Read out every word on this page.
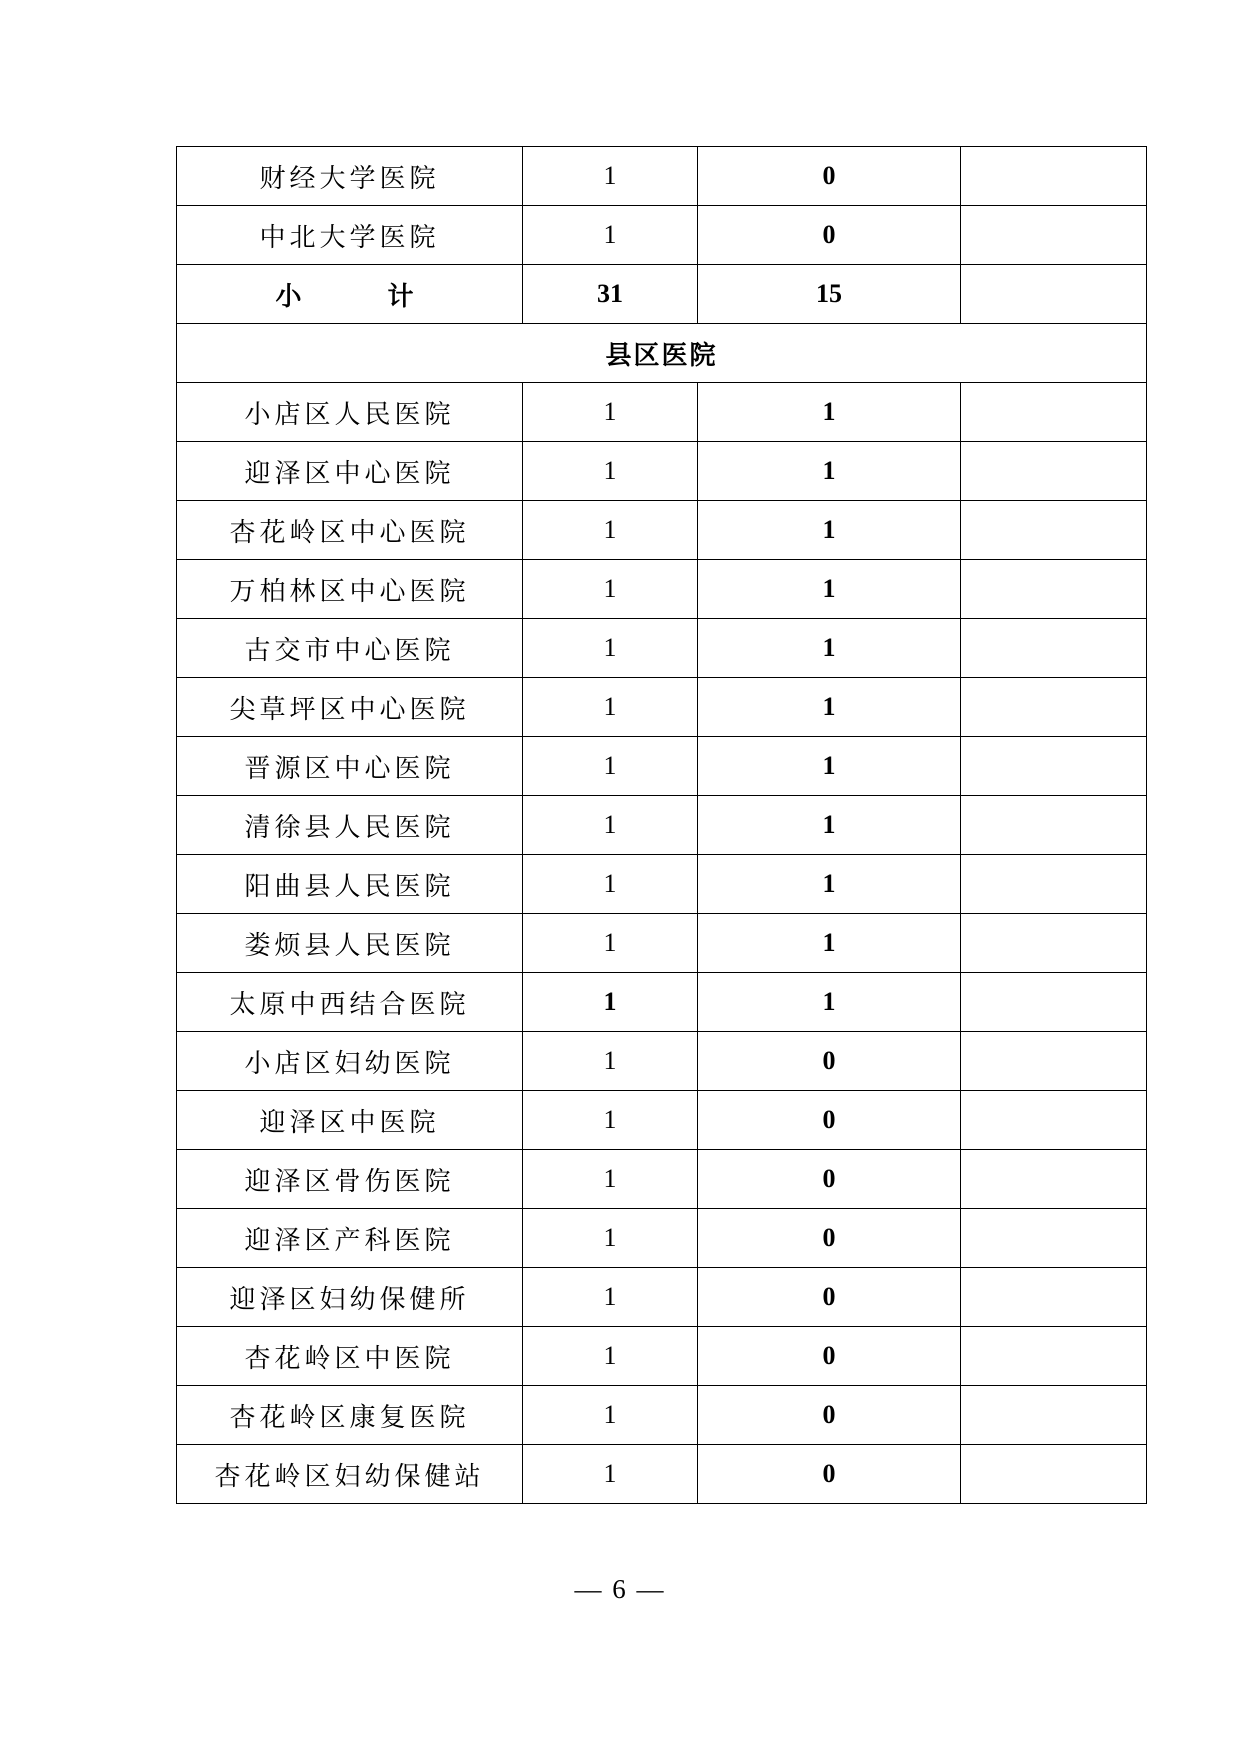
财经大学医院	1	0	
中北大学医院	1	0	
小　计	31	15	
县区医院			
小店区人民医院	1	1	
迎泽区中心医院	1	1	
杏花岭区中心医院	1	1	
万柏林区中心医院	1	1	
古交市中心医院	1	1	
尖草坪区中心医院	1	1	
晋源区中心医院	1	1	
清徐县人民医院	1	1	
阳曲县人民医院	1	1	
娄烦县人民医院	1	1	
太原中西结合医院	1	1	
小店区妇幼医院	1	0	
迎泽区中医院	1	0	
迎泽区骨伤医院	1	0	
迎泽区产科医院	1	0	
迎泽区妇幼保健所	1	0	
杏花岭区中医院	1	0	
杏花岭区康复医院	1	0	
杏花岭区妇幼保健站	1	0	
— 6 —
